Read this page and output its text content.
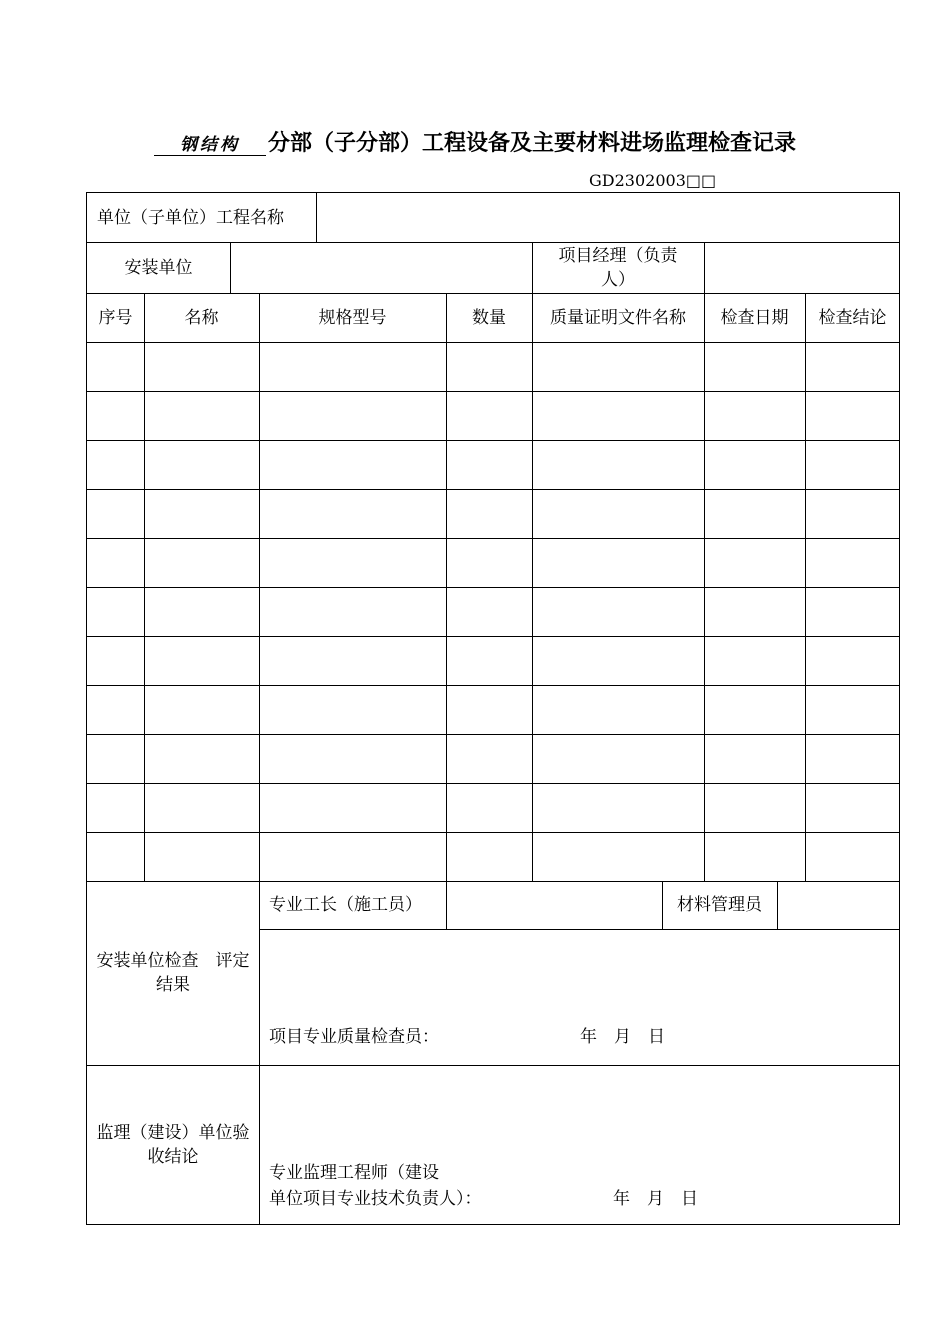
钢结构 分部（子分部）工程设备及主要材料进场监理检查记录
GD2302003□□
单位（子单位）工程名称
安装单位
项目经理（负责人）
序号	名称	规格型号	数量	质量证明文件名称	检查日期	检查结论
安装单位检查　评定结果
专业工长（施工员）	材料管理员
项目专业质量检查员：	年　月　日
监理（建设）单位验收结论
专业监理工程师（建设
单位项目专业技术负责人）：	年　月　日
